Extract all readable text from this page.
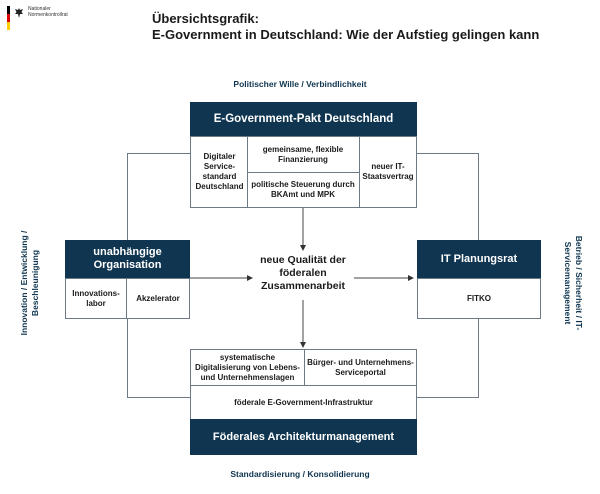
Nationaler
Normenkontrollrat	Übersichtsgrafik:
E-Government in Deutschland: Wie der Aufstieg gelingen kann
Politischer Wille / Verbindlichkeit
Standardisierung / Konsolidierung
Innovation / Entwicklung / Beschleunigung	Betrieb / Sicherheit / IT-Servicemanagement
E-Government-Pakt Deutschland
Digitaler Service-standard Deutschland
gemeinsame, flexible Finanzierung
politische Steuerung durch BKAmt und MPK
neuer IT-Staatsvertrag
unabhängige Organisation
Innovations-labor
Akzelerator
IT Planungsrat
FITKO
neue Qualität der föderalen Zusammenarbeit
systematische Digitalisierung von Lebens- und Unternehmenslagen
Bürger- und Unternehmens-Serviceportal
föderale E-Government-Infrastruktur
Föderales Architekturmanagement
